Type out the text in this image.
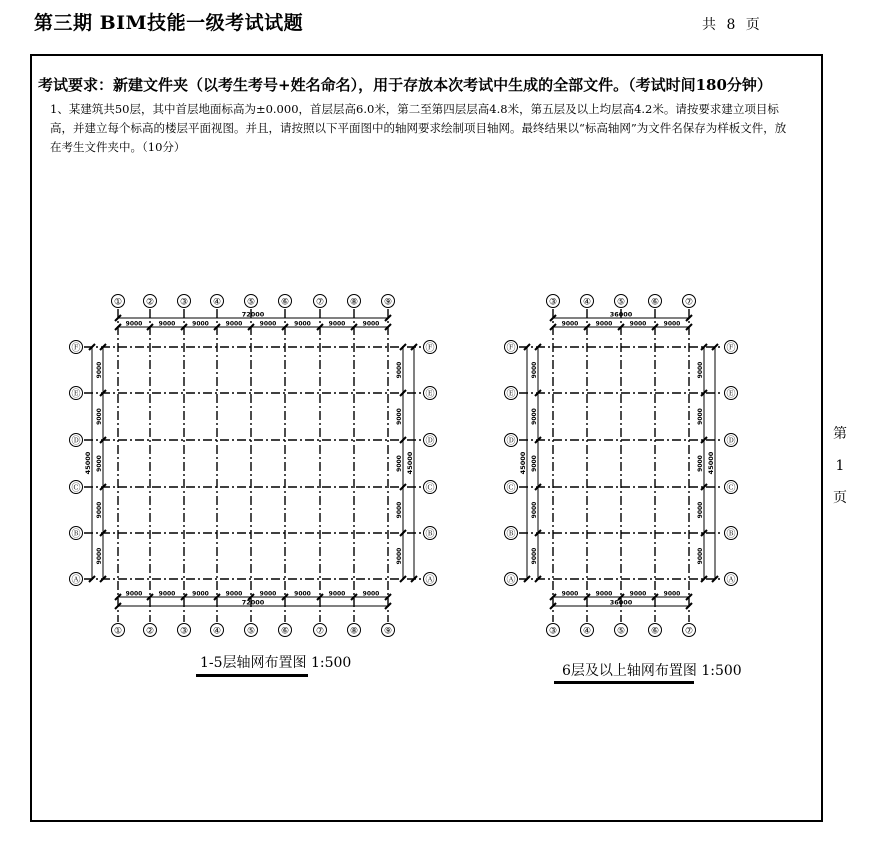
第三期 BIM技能一级考试试题	共 8 页
考试要求：新建文件夹（以考生考号+姓名命名），用于存放本次考试中生成的全部文件。（考试时间180分钟）
1、某建筑共50层，其中首层地面标高为±0.000，首层层高6.0米，第二至第四层层高4.8米，第五层及以上均层高4.2米。请按要求建立项目标高，并建立每个标高的楼层平面视图。并且，请按照以下平面图中的轴网要求绘制项目轴网。最终结果以“标高轴网”为文件名保存为样板文件，放在考生文件夹中。（10分）
第
1
页
①
①
②
②
③
③
④
④
⑤
⑤
⑥
⑥
⑦
⑦
⑧
⑧
⑨
⑨
Ⓕ	Ⓕ
Ⓔ	Ⓔ
Ⓓ	Ⓓ
Ⓒ	Ⓒ
Ⓑ	Ⓑ
Ⓐ	Ⓐ
72000
72000
9000	9000	9000	9000	9000	9000	9000	9000
9000	9000	9000	9000	9000	9000	9000	9000
45000	45000
9000
9000
9000
9000
9000
9000
9000
9000
9000
9000
③
③
④
④
⑤
⑤
⑥
⑥
⑦
⑦
Ⓕ	Ⓕ
Ⓔ	Ⓔ
Ⓓ	Ⓓ
Ⓒ	Ⓒ
Ⓑ	Ⓑ
Ⓐ	Ⓐ
36000
36000
9000	9000	9000	9000
9000	9000	9000	9000
45000	45000
9000
9000
9000
9000
9000
9000
9000
9000
9000
9000
1-5层轴网布置图 1:500	6层及以上轴网布置图 1:500
